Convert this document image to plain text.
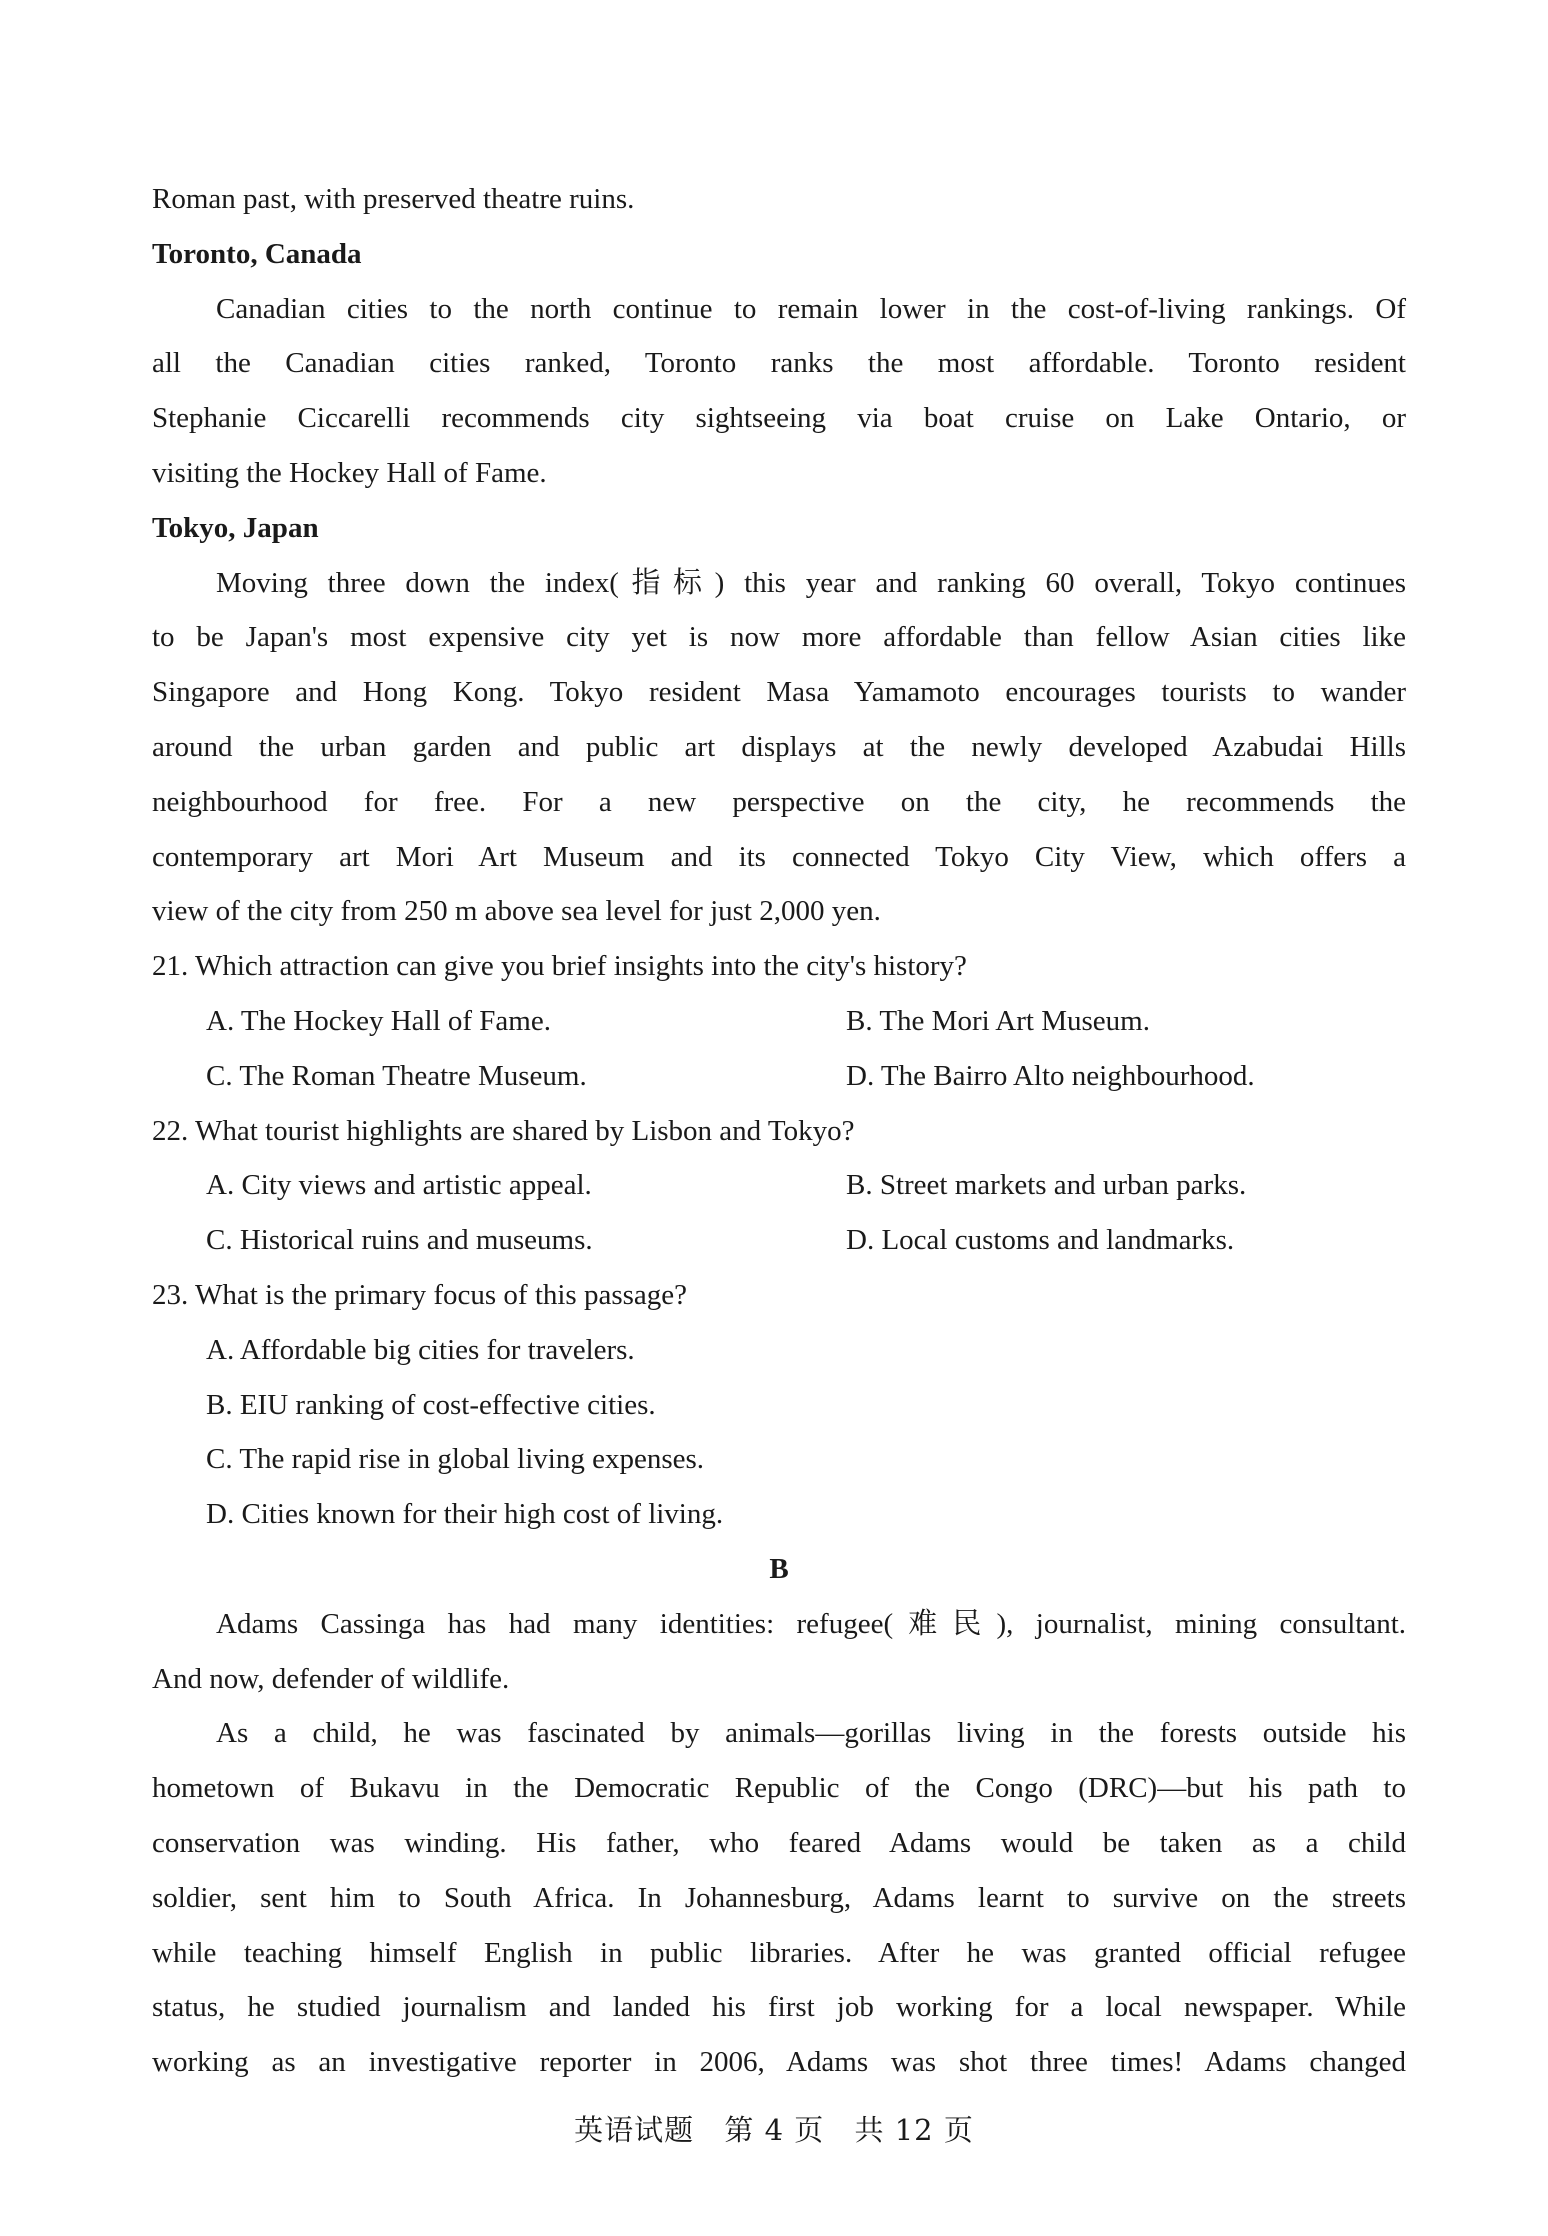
Roman past, with preserved theatre ruins.
Toronto, Canada
Canadian cities to the north continue to remain lower in the cost-of-living rankings. Of
all the Canadian cities ranked, Toronto ranks the most affordable. Toronto resident
Stephanie Ciccarelli recommends city sightseeing via boat cruise on Lake Ontario, or
visiting the Hockey Hall of Fame.
Tokyo, Japan
Moving three down the index(指标) this year and ranking 60 overall, Tokyo continues
to be Japan's most expensive city yet is now more affordable than fellow Asian cities like
Singapore and Hong Kong. Tokyo resident Masa Yamamoto encourages tourists to wander
around the urban garden and public art displays at the newly developed Azabudai Hills
neighbourhood for free. For a new perspective on the city, he recommends the
contemporary art Mori Art Museum and its connected Tokyo City View, which offers a
view of the city from 250 m above sea level for just 2,000 yen.
21. Which attraction can give you brief insights into the city's history?
A. The Hockey Hall of Fame.	B. The Mori Art Museum.
C. The Roman Theatre Museum.	D. The Bairro Alto neighbourhood.
22. What tourist highlights are shared by Lisbon and Tokyo?
A. City views and artistic appeal.	B. Street markets and urban parks.
C. Historical ruins and museums.	D. Local customs and landmarks.
23. What is the primary focus of this passage?
A. Affordable big cities for travelers.
B. EIU ranking of cost-effective cities.
C. The rapid rise in global living expenses.
D. Cities known for their high cost of living.
B
Adams Cassinga has had many identities: refugee(难民), journalist, mining consultant.
And now, defender of wildlife.
As a child, he was fascinated by animals—gorillas living in the forests outside his
hometown of Bukavu in the Democratic Republic of the Congo (DRC)—but his path to
conservation was winding. His father, who feared Adams would be taken as a child
soldier, sent him to South Africa. In Johannesburg, Adams learnt to survive on the streets
while teaching himself English in public libraries. After he was granted official refugee
status, he studied journalism and landed his first job working for a local newspaper. While
working as an investigative reporter in 2006, Adams was shot three times! Adams changed
英语试题 第 4 页 共 12 页
